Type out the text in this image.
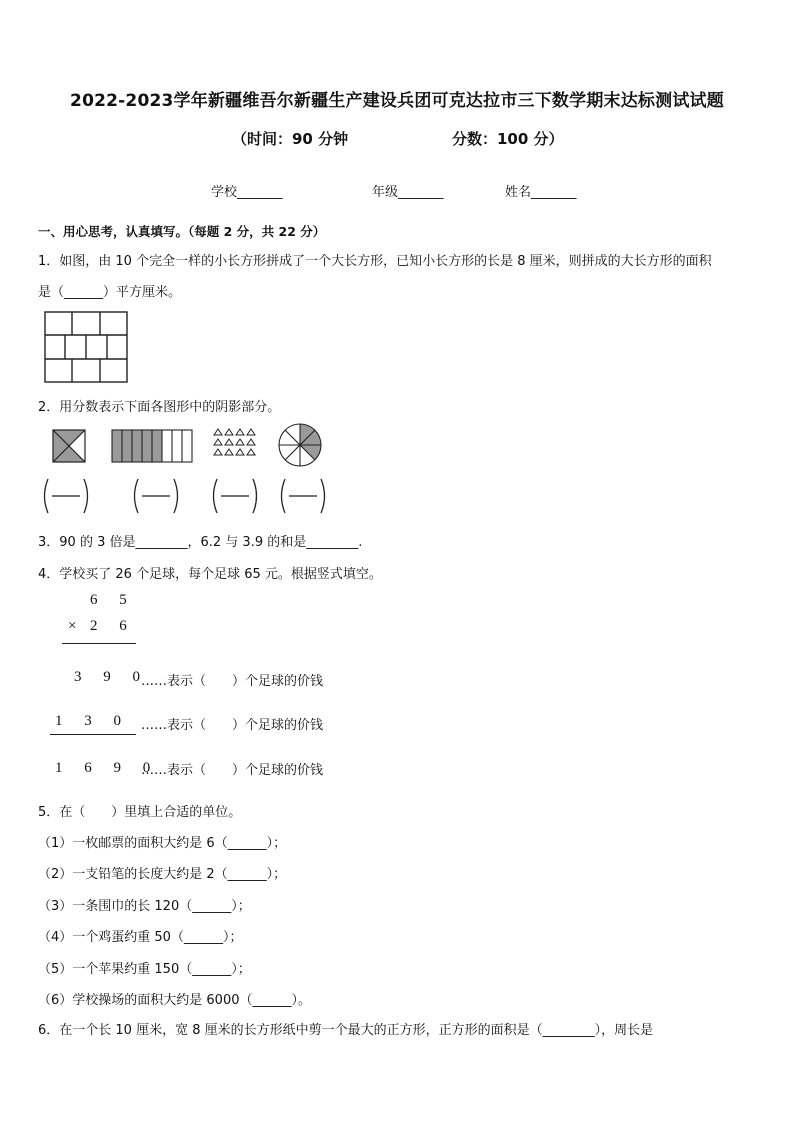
2022-2023学年新疆维吾尔新疆生产建设兵团可克达拉市三下数学期末达标测试试题
（时间：90 分钟	分数：100 分）
学校_______	年级_______	姓名_______
一、用心思考，认真填写。（每题 2 分，共 22 分）
1．如图，由 10 个完全一样的小长方形拼成了一个大长方形，已知小长方形的长是 8 厘米，则拼成的大长方形的面积
是（______）平方厘米。
2．用分数表示下面各图形中的阴影部分。
3．90 的 3 倍是________，6.2 与 3.9 的和是________.
4．学校买了 26 个足球，每个足球 65 元。根据竖式填空。
6 5
× 2 6
3 9 0
……表示（　　）个足球的价钱
1 3 0 ……表示（　　）个足球的价钱
1 6 9 0
……表示（　　）个足球的价钱
5．在（　　）里填上合适的单位。
（1）一枚邮票的面积大约是 6（______）；
（2）一支铅笔的长度大约是 2（______）；
（3）一条围巾的长 120（______）；
（4）一个鸡蛋约重 50（______）；
（5）一个苹果约重 150（______）；
（6）学校操场的面积大约是 6000（______）。
6．在一个长 10 厘米，宽 8 厘米的长方形纸中剪一个最大的正方形，正方形的面积是（________），周长是
